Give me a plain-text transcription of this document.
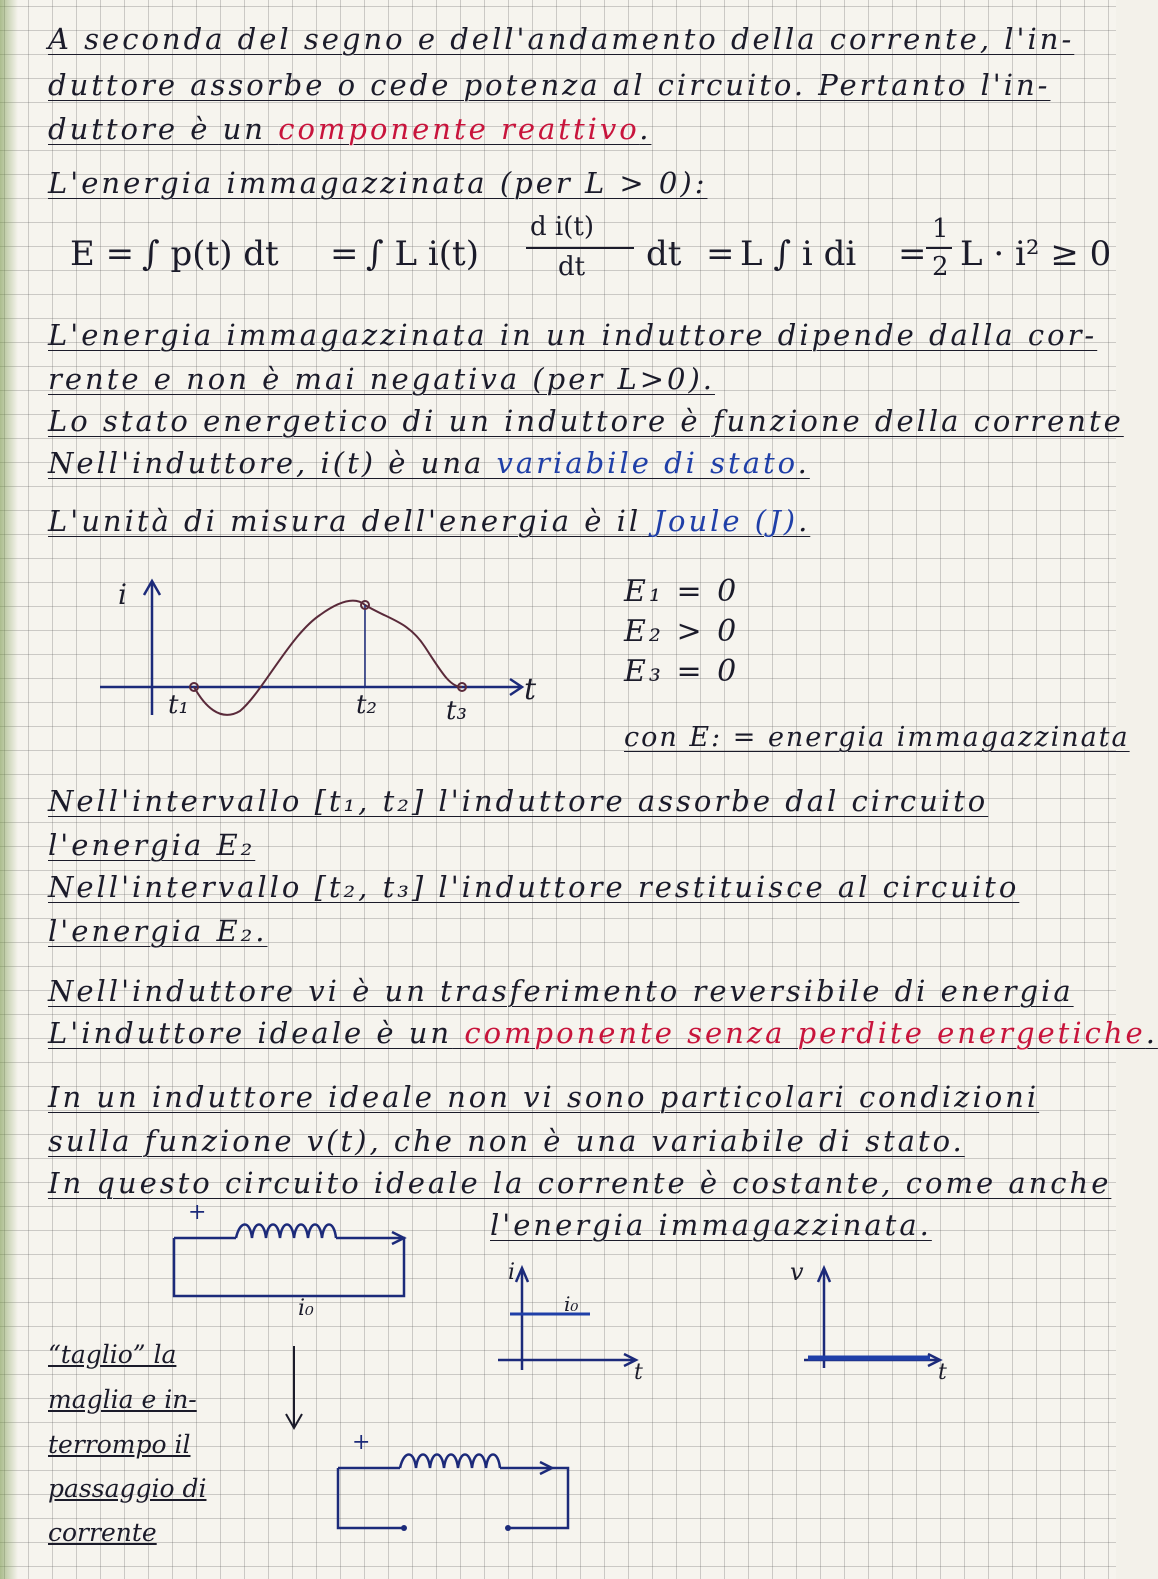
A seconda del segno e dell'andamento della corrente, l'in-
duttore assorbe o cede potenza al circuito. Pertanto l'in-
duttore è un componente reattivo.
L'energia immagazzinata (per L > 0):
E = ∫ p(t) dt = ∫ L i(t)
d i(t)
dt dt = L ∫ i di =
1
2 L · i² ≥ 0
L'energia immagazzinata in un induttore dipende dalla cor-
rente e non è mai negativa (per L>0).
Lo stato energetico di un induttore è funzione della corrente
Nell'induttore, i(t) è una variabile di stato.
L'unità di misura dell'energia è il Joule (J).
i
t
t₁	t₂	t₃
E₁ = 0
E₂ > 0
E₃ = 0
con E: = energia immagazzinata
Nell'intervallo [t₁, t₂] l'induttore assorbe dal circuito
l'energia E₂
Nell'intervallo [t₂, t₃] l'induttore restituisce al circuito
l'energia E₂.
Nell'induttore vi è un trasferimento reversibile di energia
L'induttore ideale è un componente senza perdite energetiche.
In un induttore ideale non vi sono particolari condizioni
sulla funzione v(t), che non è una variabile di stato.
In questo circuito ideale la corrente è costante, come anche
l'energia immagazzinata.
+
i₀
“taglio” la
maglia e in-
terrompo il
passaggio di
corrente
+
i
i₀
t
v
t
